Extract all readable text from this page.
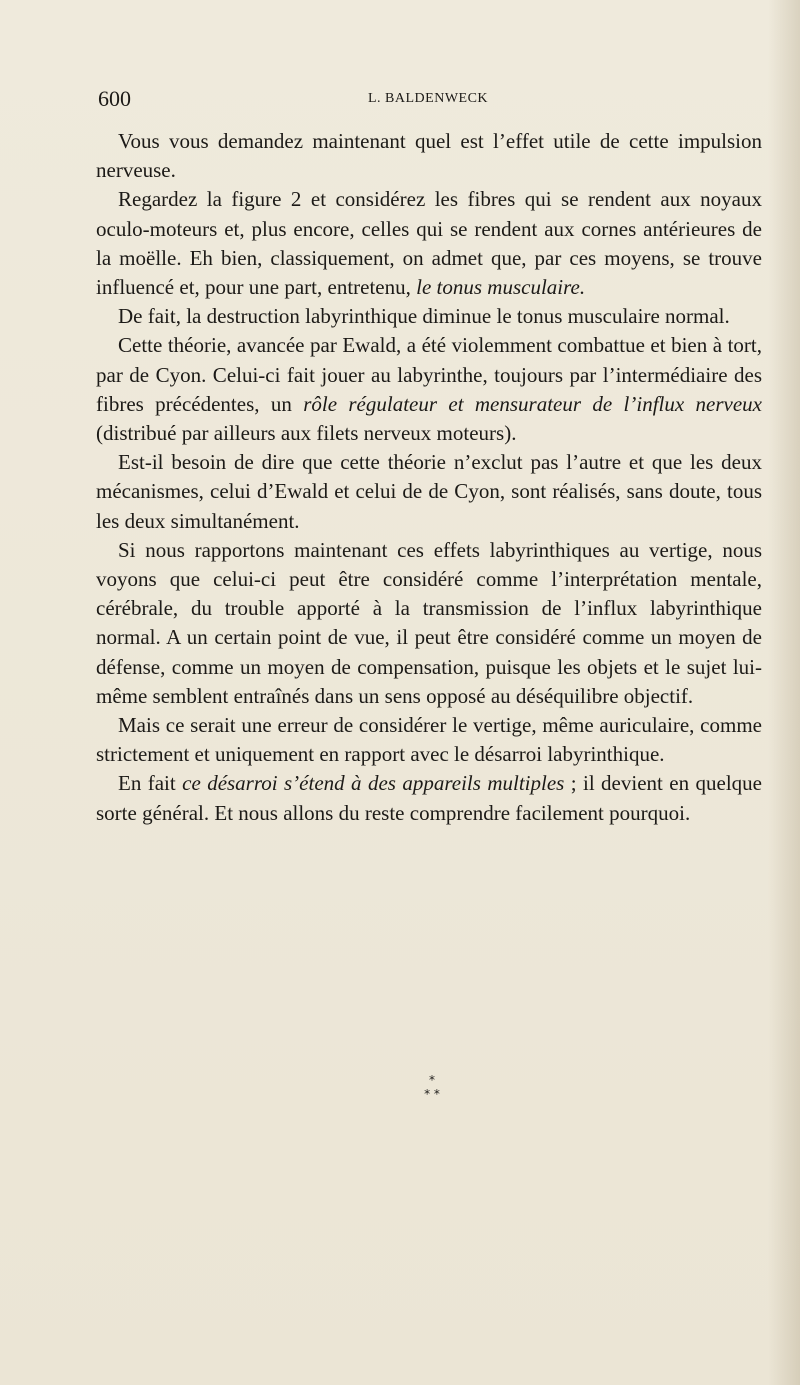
600	L. BALDENWECK

Vous vous demandez maintenant quel est l’effet utile de cette impulsion nerveuse.

Regardez la figure 2 et considérez les fibres qui se rendent aux noyaux oculo-moteurs et, plus encore, celles qui se rendent aux cornes antérieures de la moëlle. Eh bien, classiquement, on admet que, par ces moyens, se trouve influencé et, pour une part, entretenu, le tonus musculaire.

De fait, la destruction labyrinthique diminue le tonus musculaire normal.

Cette théorie, avancée par Ewald, a été violemment combattue et bien à tort, par de Cyon. Celui-ci fait jouer au labyrinthe, toujours par l’intermédiaire des fibres précédentes, un rôle régulateur et mensurateur de l’influx nerveux (distribué par ailleurs aux filets nerveux moteurs).

Est-il besoin de dire que cette théorie n’exclut pas l’autre et que les deux mécanismes, celui d’Ewald et celui de de Cyon, sont réalisés, sans doute, tous les deux simultanément.

Si nous rapportons maintenant ces effets labyrinthiques au vertige, nous voyons que celui-ci peut être considéré comme l’interprétation mentale, cérébrale, du trouble apporté à la transmission de l’influx labyrinthique normal. A un certain point de vue, il peut être considéré comme un moyen de défense, comme un moyen de compensation, puisque les objets et le sujet lui-même semblent entraînés dans un sens opposé au déséquilibre objectif.

Mais ce serait une erreur de considérer le vertige, même auriculaire, comme strictement et uniquement en rapport avec le désarroi labyrinthique.

En fait ce désarroi s’étend à des appareils multiples ; il devient en quelque sorte général. Et nous allons du reste comprendre facilement pourquoi.

*
* *
